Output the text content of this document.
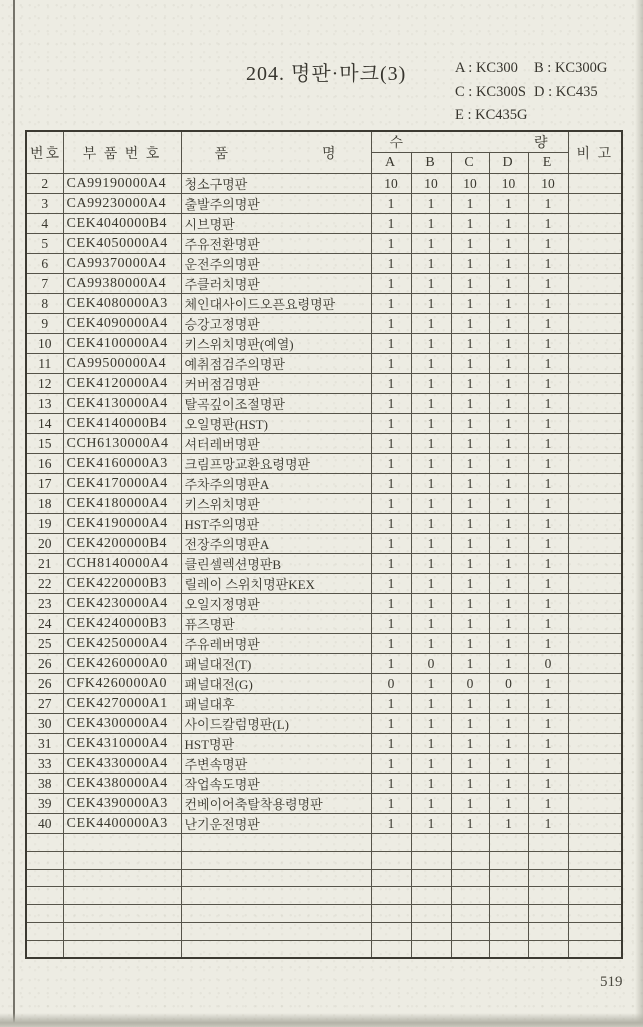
204. 명판·마크(3)	A : KC300	B : KC300G
C : KC300S D : KC435
E : KC435G
번호	부 품 번 호	품 명	수 량					비 고
			A	B	C	D	E	
2	CA99190000A4	청소구명판	10	10	10	10	10	
3	CA99230000A4	출발주의명판	1	1	1	1	1	
4	CEK4040000B4	시브명판	1	1	1	1	1	
5	CEK4050000A4	주유전환명판	1	1	1	1	1	
6	CA99370000A4	운전주의명판	1	1	1	1	1	
7	CA99380000A4	주클러치명판	1	1	1	1	1	
8	CEK4080000A3	체인대사이드오픈요령명판	1	1	1	1	1	
9	CEK4090000A4	승강고정명판	1	1	1	1	1	
10	CEK4100000A4	키스위치명판(예열)	1	1	1	1	1	
11	CA99500000A4	예취점검주의명판	1	1	1	1	1	
12	CEK4120000A4	커버점검명판	1	1	1	1	1	
13	CEK4130000A4	탈곡깊이조절명판	1	1	1	1	1	
14	CEK4140000B4	오일명판(HST)	1	1	1	1	1	
15	CCH6130000A4	셔터레버명판	1	1	1	1	1	
16	CEK4160000A3	크림프망교환요령명판	1	1	1	1	1	
17	CEK4170000A4	주차주의명판A	1	1	1	1	1	
18	CEK4180000A4	키스위치명판	1	1	1	1	1	
19	CEK4190000A4	HST주의명판	1	1	1	1	1	
20	CEK4200000B4	전장주의명판A	1	1	1	1	1	
21	CCH8140000A4	클린셀렉션명판B	1	1	1	1	1	
22	CEK4220000B3	릴레이 스위치명판KEX	1	1	1	1	1	
23	CEK4230000A4	오일지정명판	1	1	1	1	1	
24	CEK4240000B3	퓨즈명판	1	1	1	1	1	
25	CEK4250000A4	주유레버명판	1	1	1	1	1	
26	CEK4260000A0	패널대전(T)	1	0	1	1	0	
26	CFK4260000A0	패널대전(G)	0	1	0	0	1	
27	CEK4270000A1	패널대후	1	1	1	1	1	
30	CEK4300000A4	사이드칼럼명판(L)	1	1	1	1	1	
31	CEK4310000A4	HST명판	1	1	1	1	1	
33	CEK4330000A4	주변속명판	1	1	1	1	1	
38	CEK4380000A4	작업속도명판	1	1	1	1	1	
39	CEK4390000A3	컨베이어축탈착용령명판	1	1	1	1	1	
40	CEK4400000A3	난기운전명판	1	1	1	1	1	

519
